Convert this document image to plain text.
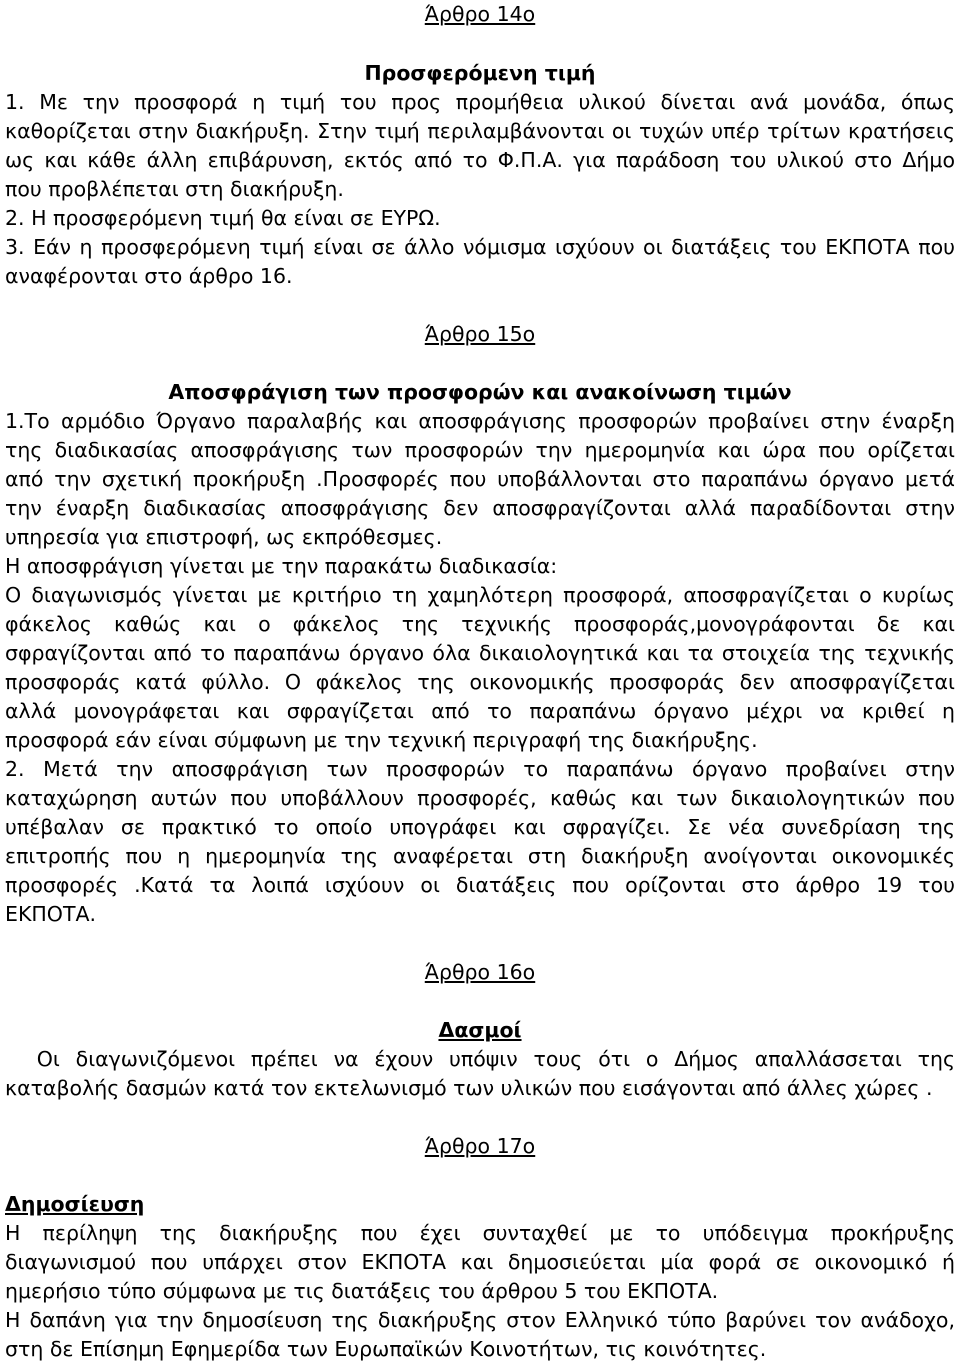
Άρθρο 14ο
Προσφερόμενη τιμή
1. Με την προσφορά η τιμή του προς προμήθεια υλικού δίνεται ανά μονάδα, όπως
καθορίζεται στην διακήρυξη. Στην τιμή περιλαμβάνονται οι τυχών υπέρ τρίτων κρατήσεις
ως και κάθε άλλη επιβάρυνση, εκτός από το Φ.Π.Α. για παράδοση του υλικού στο Δήμο
που προβλέπεται στη διακήρυξη.
2. Η προσφερόμενη τιμή θα είναι σε ΕΥΡΩ.
3. Εάν η προσφερόμενη τιμή είναι σε άλλο νόμισμα ισχύουν οι διατάξεις του ΕΚΠΟΤΑ που
αναφέρονται στο άρθρο 16.
Άρθρο 15ο
Αποσφράγιση των προσφορών και ανακοίνωση τιμών
1.Το αρμόδιο Όργανο παραλαβής και αποσφράγισης προσφορών προβαίνει στην έναρξη
της διαδικασίας αποσφράγισης των προσφορών την ημερομηνία και ώρα που ορίζεται
από την σχετική προκήρυξη .Προσφορές που υποβάλλονται στο παραπάνω όργανο μετά
την έναρξη διαδικασίας αποσφράγισης δεν αποσφραγίζονται αλλά παραδίδονται στην
υπηρεσία για επιστροφή, ως εκπρόθεσμες.
Η αποσφράγιση γίνεται με την παρακάτω διαδικασία:
Ο διαγωνισμός γίνεται με κριτήριο τη χαμηλότερη προσφορά, αποσφραγίζεται ο κυρίως
φάκελος καθώς και ο φάκελος της τεχνικής προσφοράς,μονογράφονται δε και
σφραγίζονται από το παραπάνω όργανο όλα δικαιολογητικά και τα στοιχεία της τεχνικής
προσφοράς κατά φύλλο. Ο φάκελος της οικονομικής προσφοράς δεν αποσφραγίζεται
αλλά μονογράφεται και σφραγίζεται από το παραπάνω όργανο μέχρι να κριθεί η
προσφορά εάν είναι σύμφωνη με την τεχνική περιγραφή της διακήρυξης.
2. Μετά την αποσφράγιση των προσφορών το παραπάνω όργανο προβαίνει στην
καταχώρηση αυτών που υποβάλλουν προσφορές, καθώς και των δικαιολογητικών που
υπέβαλαν σε πρακτικό το οποίο υπογράφει και σφραγίζει. Σε νέα συνεδρίαση της
επιτροπής που η ημερομηνία της αναφέρεται στη διακήρυξη ανοίγονται οικονομικές
προσφορές .Κατά τα λοιπά ισχύουν οι διατάξεις που ορίζονται στο άρθρο 19 του
ΕΚΠΟΤΑ.
Άρθρο 16ο
Δασμοί
Οι διαγωνιζόμενοι πρέπει να έχουν υπόψιν τους ότι ο Δήμος απαλλάσσεται της
καταβολής δασμών κατά τον εκτελωνισμό των υλικών που εισάγονται από άλλες χώρες .
Άρθρο 17ο
Δημοσίευση
Η περίληψη της διακήρυξης που έχει συνταχθεί με το υπόδειγμα προκήρυξης
διαγωνισμού που υπάρχει στον ΕΚΠΟΤΑ και δημοσιεύεται μία φορά σε οικονομικό ή
ημερήσιο τύπο σύμφωνα με τις διατάξεις του άρθρου 5 του ΕΚΠΟΤΑ.
Η δαπάνη για την δημοσίευση της διακήρυξης στον Ελληνικό τύπο βαρύνει τον ανάδοχο,
στη δε Επίσημη Εφημερίδα των Ευρωπαϊκών Κοινοτήτων, τις κοινότητες.
